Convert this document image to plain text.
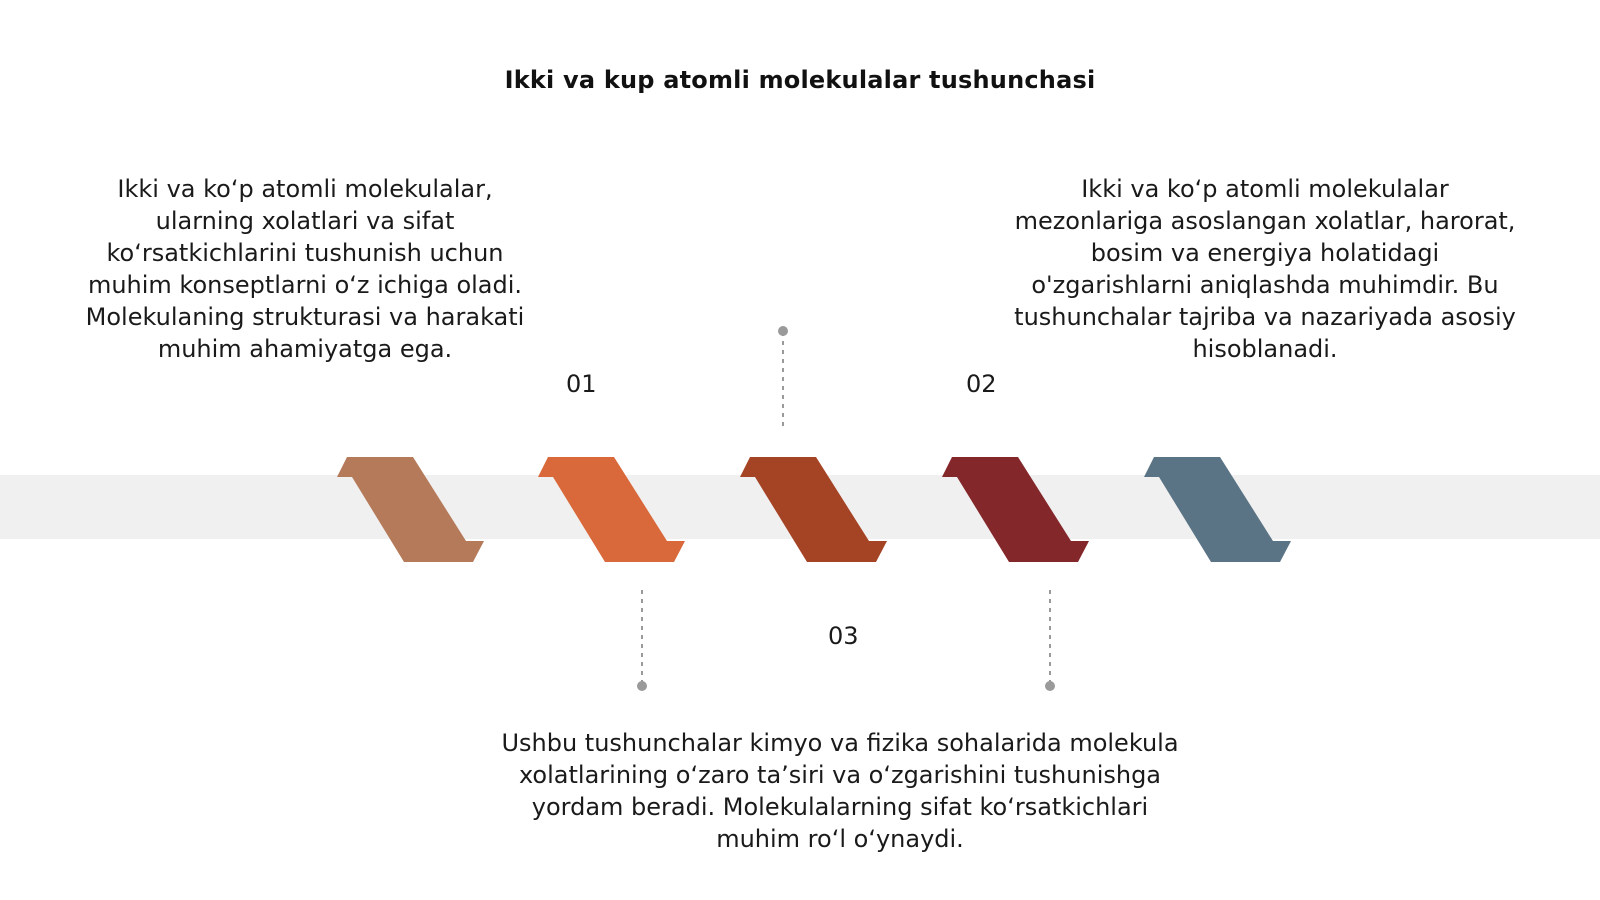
Ikki va kup atomli molekulalar tushunchasi
Ikki va ko‘p atomli molekulalar, ularning xolatlari va sifat ko‘rsatkichlarini tushunish uchun muhim konseptlarni o‘z ichiga oladi. Molekulaning strukturasi va harakati muhim ahamiyatga ega.
Ikki va ko‘p atomli molekulalar mezonlariga asoslangan xolatlar, harorat, bosim va energiya holatidagi o'zgarishlarni aniqlashda muhimdir. Bu tushunchalar tajriba va nazariyada asosiy hisoblanadi.
Ushbu tushunchalar kimyo va fizika sohalarida molekula xolatlarining o‘zaro ta’siri va o‘zgarishini tushunishga yordam beradi. Molekulalarning sifat ko‘rsatkichlari muhim ro‘l o‘ynaydi.
01	02
03
